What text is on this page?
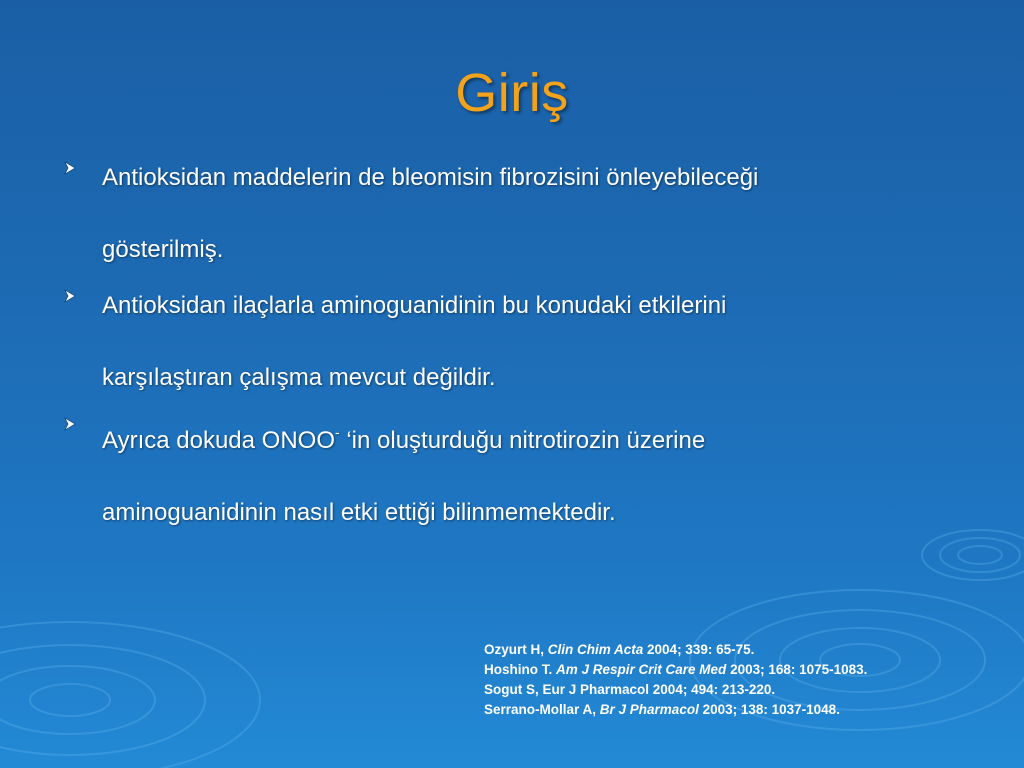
Giriş
Antioksidan maddelerin de bleomisin fibrozisini önleyebileceği
gösterilmiş.
Antioksidan ilaçlarla aminoguanidinin bu konudaki etkilerini
karşılaştıran çalışma mevcut değildir.
Ayrıca dokuda ONOO- ‘in oluşturduğu nitrotirozin üzerine
aminoguanidinin nasıl etki ettiği bilinmemektedir.
Ozyurt H, Clin Chim Acta 2004; 339: 65-75.
Hoshino T. Am J Respir Crit Care Med 2003; 168: 1075-1083.
Sogut S, Eur J Pharmacol 2004; 494: 213-220.
Serrano-Mollar A, Br J Pharmacol 2003; 138: 1037-1048.
